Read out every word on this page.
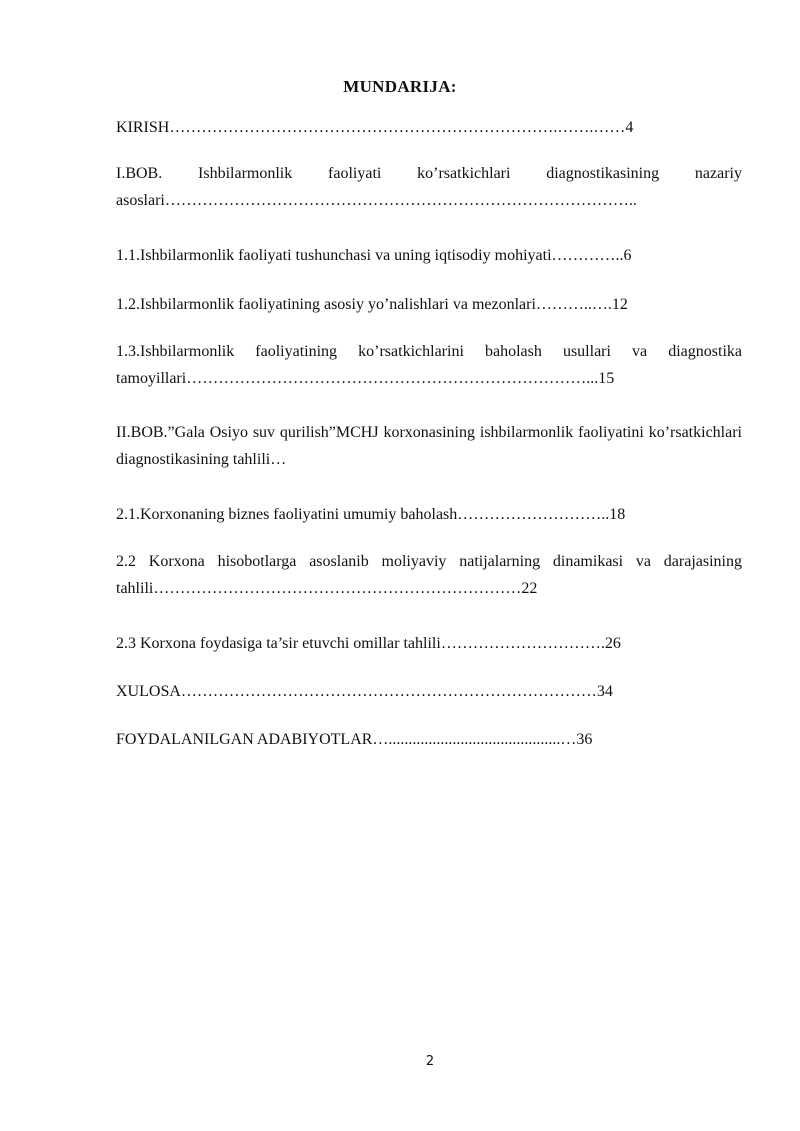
MUNDARIJA:
KIRISH……………………………………………………………….…….……4
I.BOB. Ishbilarmonlik faoliyati ko’rsatkichlari diagnostikasining nazariy asoslari……………………………………………………………………………..
1.1.Ishbilarmonlik faoliyati tushunchasi va uning iqtisodiy mohiyati…………..6
1.2.Ishbilarmonlik faoliyatining asosiy yo’nalishlari va mezonlari………..….12
1.3.Ishbilarmonlik faoliyatining ko’rsatkichlarini baholash usullari va diagnostika tamoyillari…………………………………………………………………...15
II.BOB.”Gala Osiyo suv qurilish”MCHJ korxonasining ishbilarmonlik faoliyatini ko’rsatkichlari diagnostikasining tahlili…
2.1.Korxonaning biznes faoliyatini umumiy baholash………………………..18
2.2 Korxona hisobotlarga asoslanib moliyaviy natijalarning dinamikasi va darajasining tahlili……………………………………………………………22
2.3 Korxona foydasiga ta’sir etuvchi omillar tahlili………………………….26
XULOSA……………………………………………………………………34
FOYDALANILGAN ADABIYOTLAR…...........................................…36
2
